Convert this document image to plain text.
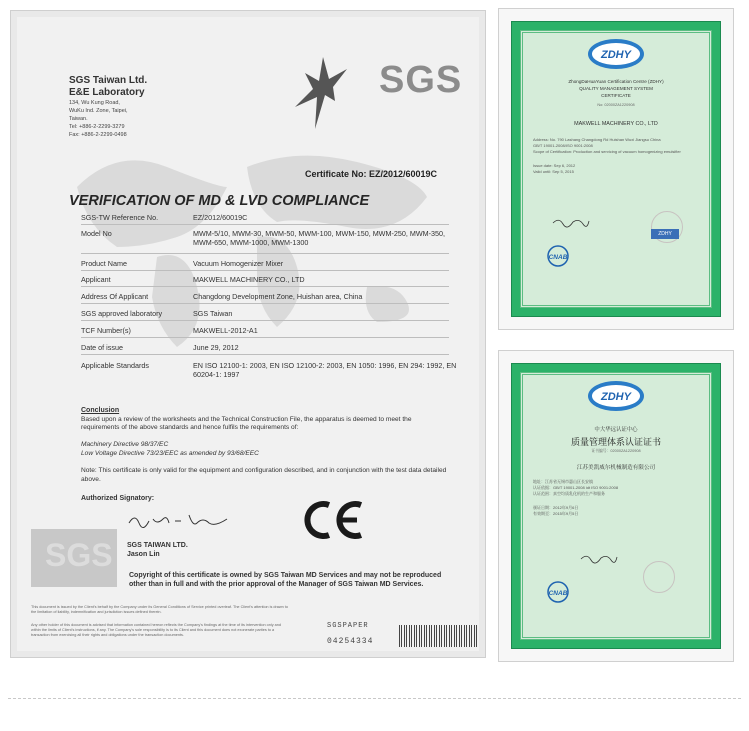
SGS Taiwan Ltd.
E&E Laboratory
134, Wu Kung Road,
WuKu Ind. Zone, Taipei,
Taiwan.
Tel: +886-2-2299-3279
Fax: +886-2-2299-0498
SGS
Certificate No: EZ/2012/60019C
VERIFICATION OF MD & LVD COMPLIANCE
SGS-TW Reference No.	EZ/2012/60019C
Model No	MWM-5/10, MWM-30, MWM-50, MWM-100, MWM-150, MWM-250, MWM-350, MWM-650, MWM-1000, MWM-1300
Product Name	Vacuum Homogenizer Mixer
Applicant	MAKWELL MACHINERY CO., LTD
Address Of Applicant	Changdong Development Zone, Huishan area, China
SGS approved laboratory	SGS Taiwan
TCF Number(s)	MAKWELL-2012-A1
Date of issue	June 29, 2012
Applicable Standards	EN ISO 12100-1: 2003, EN ISO 12100-2: 2003, EN 1050: 1996, EN 294: 1992, EN 60204-1: 1997
Conclusion
Based upon a review of the worksheets and the Technical Construction File, the apparatus is deemed to meet the requirements of the above standards and hence fulfils the requirements of:
Machinery Directive 98/37/EC
Low Voltage Directive 73/23/EEC as amended by 93/68/EEC
Note: This certificate is only valid for the equipment and configuration described, and in conjunction with the test data detailed above.
Authorized Signatory:
SGS TAIWAN LTD.
Jason Lin
SGS
Copyright of this certificate is owned by SGS Taiwan MD Services and may not be reproduced other than in full and with the prior approval of the Manager of SGS Taiwan MD Services.
This document is issued by the Client's behalf by the Company under its General Conditions of Service printed overleaf. The Client's attention is drawn to the limitation of liability, indemnification and jurisdiction issues defined therein.
Any other holder of this document is advised that information contained hereon reflects the Company's findings at the time of its intervention only and within the limits of Client's instructions, if any. The Company's sole responsibility is to its Client and this document does not exonerate parties to a transaction from exercising all their rights and obligations under the transaction documents.
SGSPAPER
04254334
ZDHY
ZhongDaHuaYuan Certification Centre (ZDHY)
QUALITY MANAGEMENT SYSTEM
CERTIFICATE
No: 02000ZA1220908
MAKWELL MACHINERY CO., LTD
Address: No. 790 Lashang Changdong Rd Huishan Wuxi Jiangsu China
GB/T 19001-2008/ISO 9001:2008
Scope of Certification: Production and servicing of vacuum homogenizing emulsifier
Issue date: Sep 6, 2012
Valid until: Sep 5, 2015
ZDHY
CNAB
ZDHY
中大华远认证中心
质量管理体系认证证书
证书编号：02000ZA1220908
江苏美凯威尔机械制造有限公司
地址：江苏省无锡市惠山区长安镇
认证依据：GB/T 19001-2008 idt ISO 9001:2008
认证范围：真空均质乳化机的生产和服务
颁证日期：2012年9月6日
有效期至：2015年9月5日
CNAB
